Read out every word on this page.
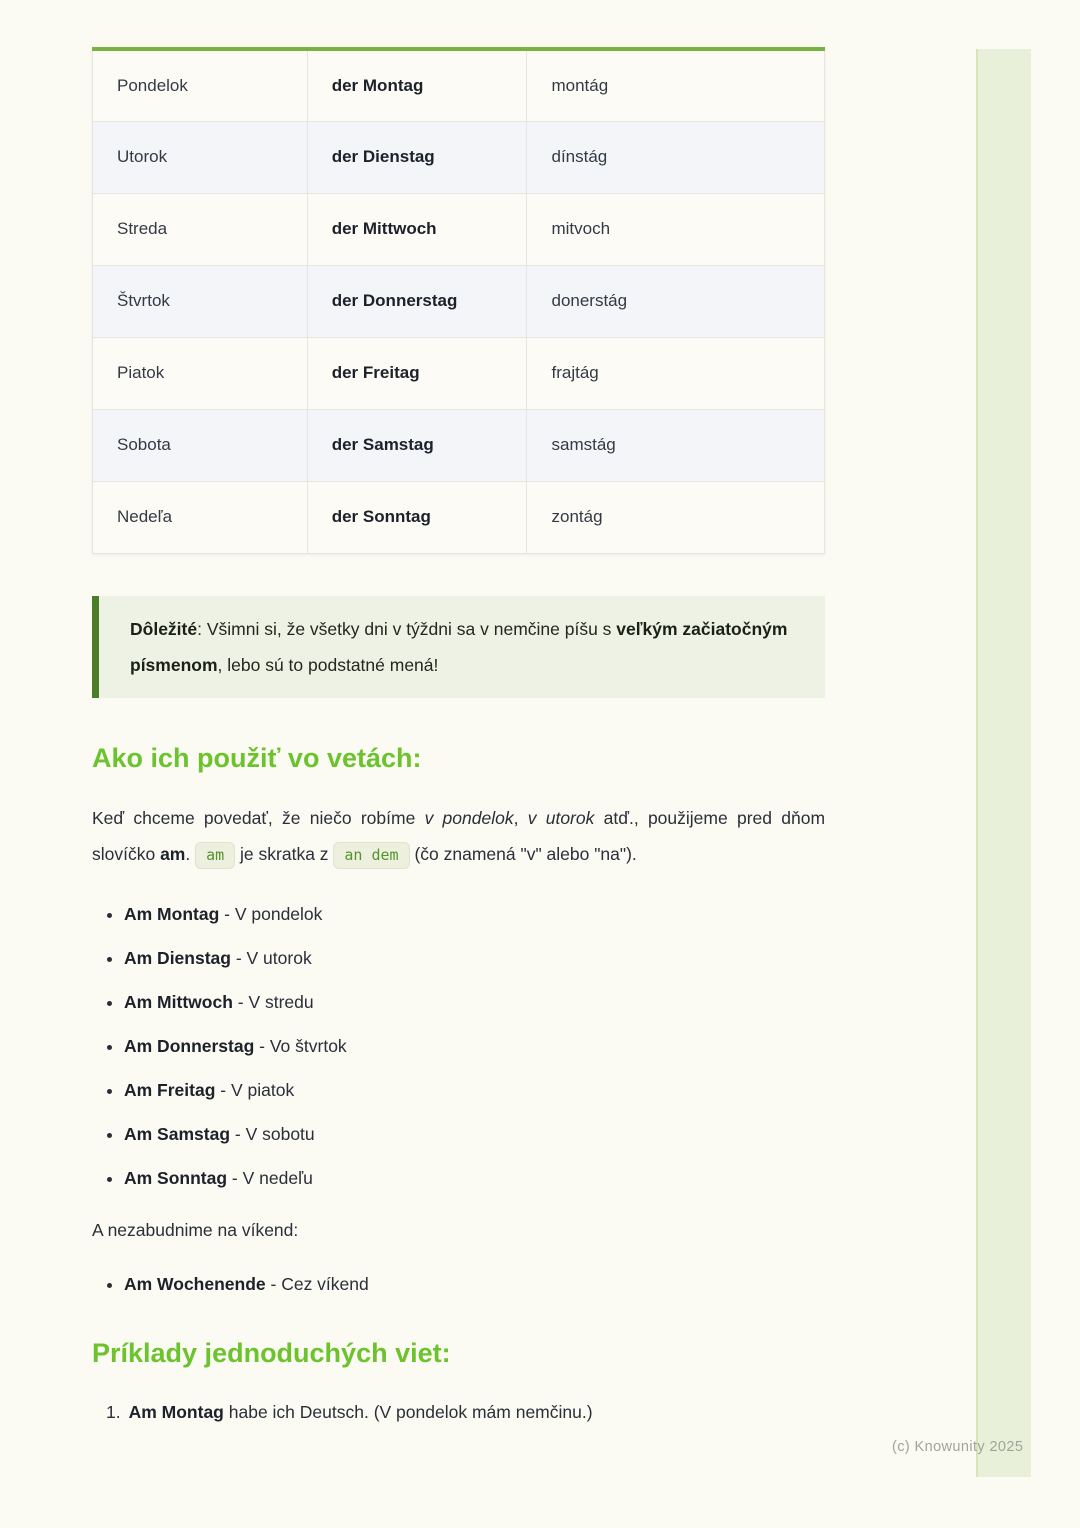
(c) Knowunity 2025
Pondelok	der Montag	montág
Utorok	der Dienstag	dínstág
Streda	der Mittwoch	mitvoch
Štvrtok	der Donnerstag	donerstág
Piatok	der Freitag	frajtág
Sobota	der Samstag	samstág
Nedeľa	der Sonntag	zontág
Dôležité: Všimni si, že všetky dni v týždni sa v nemčine píšu s veľkým začiatočným písmenom, lebo sú to podstatné mená!
Ako ich použiť vo vetách:

Keď chceme povedať, že niečo robíme v pondelok, v utorok atď., použijeme pred dňom slovíčko am. am je skratka z an dem (čo znamená "v" alebo "na").

• Am Montag - V pondelok
• Am Dienstag - V utorok
• Am Mittwoch - V stredu
• Am Donnerstag - Vo štvrtok
• Am Freitag - V piatok
• Am Samstag - V sobotu
• Am Sonntag - V nedeľu

A nezabudnime na víkend:

• Am Wochenende - Cez víkend
Príklady jednoduchých viet:
1. Am Montag habe ich Deutsch. (V pondelok mám nemčinu.)
